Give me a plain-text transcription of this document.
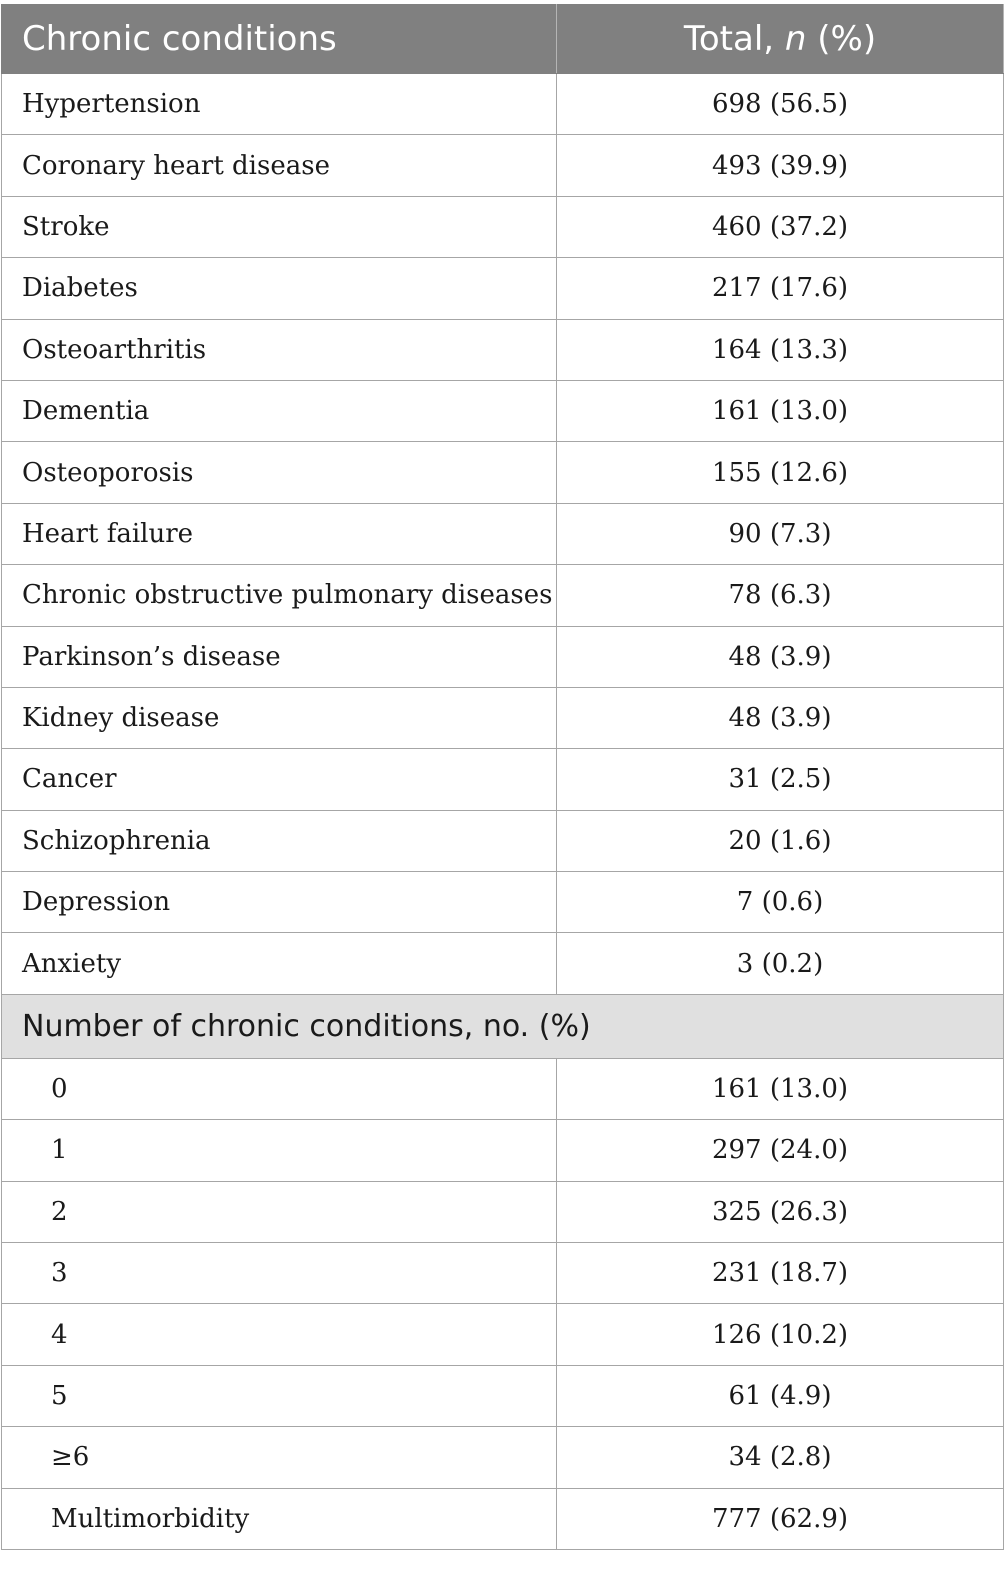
Chronic conditions	Total, n (%)
Hypertension	698 (56.5)
Coronary heart disease	493 (39.9)
Stroke	460 (37.2)
Diabetes	217 (17.6)
Osteoarthritis	164 (13.3)
Dementia	161 (13.0)
Osteoporosis	155 (12.6)
Heart failure	90 (7.3)
Chronic obstructive pulmonary diseases	78 (6.3)
Parkinson’s disease	48 (3.9)
Kidney disease	48 (3.9)
Cancer	31 (2.5)
Schizophrenia	20 (1.6)
Depression	7 (0.6)
Anxiety	3 (0.2)
Number of chronic conditions, no. (%)	
0	161 (13.0)
1	297 (24.0)
2	325 (26.3)
3	231 (18.7)
4	126 (10.2)
5	61 (4.9)
≥6	34 (2.8)
Multimorbidity	777 (62.9)
